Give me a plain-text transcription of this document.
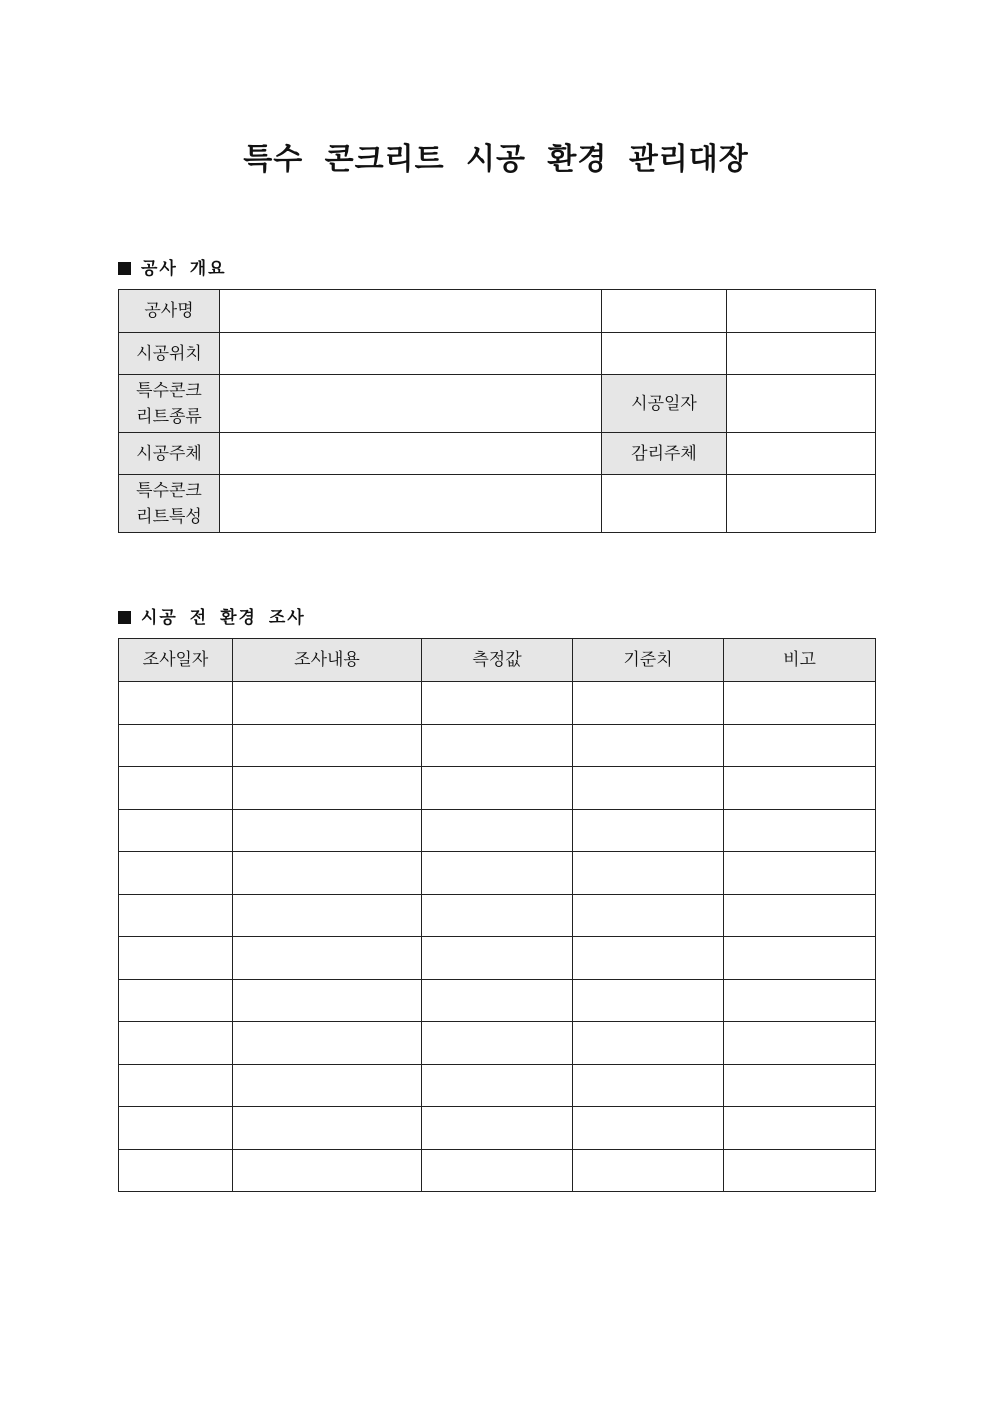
특수 콘크리트 시공 환경 관리대장
공사 개요
공사명			
시공위치			
특수콘크
리트종류		시공일자	
시공주체		감리주체	
특수콘크
리트특성			
시공 전 환경 조사
조사일자	조사내용	측정값	기준치	비고
